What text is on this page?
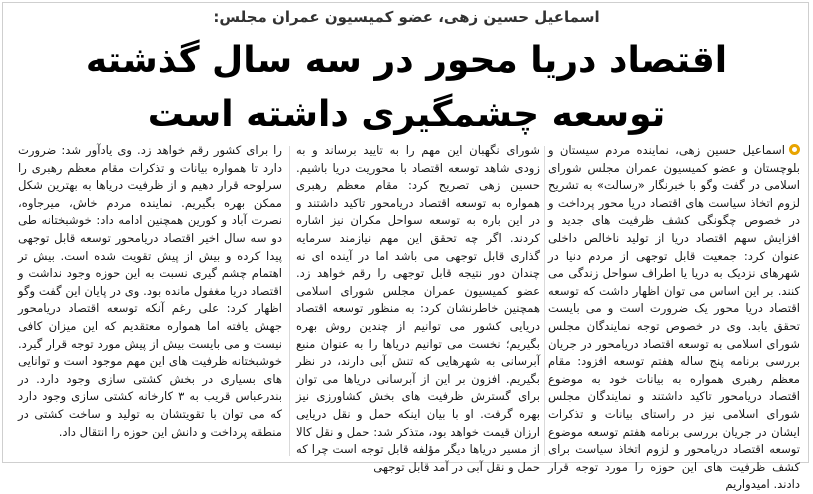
اسماعیل حسین زهی، عضو کمیسیون عمران مجلس:
اقتصاد دریا محور در سه سال گذشته
توسعه چشمگیری داشته است

اسماعیل حسین زهی، نماینده مردم سیستان و بلوچستان و عضو کمیسیون عمران مجلس شورای اسلامی در گفت وگو با خبرنگار «رسالت» به تشریح لزوم اتخاذ سیاست های اقتصاد دریا محور پرداخت و در خصوص چگونگی کشف ظرفیت های جدید و افزایش سهم اقتصاد دریا از تولید ناخالص داخلی عنوان کرد: جمعیت قابل توجهی از مردم دنیا در شهرهای نزدیک به دریا یا اطراف سواحل زندگی می کنند. بر این اساس می توان اظهار داشت که توسعه اقتصاد دریا محور یک ضرورت است و می بایست تحقق یابد. وی در خصوص توجه نمایندگان مجلس شورای اسلامی به توسعه اقتصاد دریامحور در جریان بررسی برنامه پنج ساله هفتم توسعه افزود: مقام معظم رهبری همواره به بیانات خود به موضوع اقتصاد دریامحور تاکید داشتند و نمایندگان مجلس شورای اسلامی نیز در راستای بیانات و تذکرات ایشان در جریان بررسی برنامه هفتم توسعه موضوع توسعه اقتصاد دریامحور و لزوم اتخاذ سیاست برای کشف ظرفیت های این حوزه را مورد توجه قرار دادند. امیدواریم

شورای نگهبان این مهم را به تایید برساند و به زودی شاهد توسعه اقتصاد با محوریت دریا باشیم. حسین زهی تصریح کرد: مقام معظم رهبری همواره به توسعه اقتصاد دریامحور تاکید داشتند و در این باره به توسعه سواحل مکران نیز اشاره کردند. اگر چه تحقق این مهم نیازمند سرمایه گذاری قابل توجهی می باشد اما در آینده ای نه چندان دور نتیجه قابل توجهی را رقم خواهد زد. عضو کمیسیون عمران مجلس شورای اسلامی همچنین خاطرنشان کرد: به منظور توسعه اقتصاد دریایی کشور می توانیم از چندین روش بهره بگیریم؛ نخست می توانیم دریاها را به عنوان منبع آبرسانی به شهرهایی که تنش آبی دارند، در نظر بگیریم. افزون بر این از آبرسانی دریاها می توان برای گسترش ظرفیت های بخش کشاورزی نیز بهره گرفت. او با بیان اینکه حمل و نقل دریایی ارزان قیمت خواهد بود، متذکر شد: حمل و نقل کالا از مسیر دریاها دیگر مؤلفه قابل توجه است چرا که حمل و نقل آبی در آمد قابل توجهی

را برای کشور رقم خواهد زد. وی یادآور شد: ضرورت دارد تا همواره بیانات و تذکرات مقام معظم رهبری را سرلوحه قرار دهیم و از ظرفیت دریاها به بهترین شکل ممکن بهره بگیریم. نماینده مردم خاش، میرجاوه، نصرت آباد و کورین همچنین ادامه داد: خوشبختانه طی دو سه سال اخیر اقتصاد دریامحور توسعه قابل توجهی پیدا کرده و بیش از پیش تقویت شده است. بیش تر اهتمام چشم گیری نسبت به این حوزه وجود نداشت و اقتصاد دریا مغفول مانده بود. وی در پایان این گفت وگو اظهار کرد: علی رغم آنکه توسعه اقتصاد دریامحور جهش یافته اما همواره معتقدیم که این میزان کافی نیست و می بایست بیش از پیش مورد توجه قرار گیرد. خوشبختانه ظرفیت های این مهم موجود است و توانایی های بسیاری در بخش کشتی سازی وجود دارد. در بندرعباس قریب به ۳ کارخانه کشتی سازی وجود دارد که می توان با تقویتشان به تولید و ساخت کشتی در منطقه پرداخت و دانش این حوزه را انتقال داد.
